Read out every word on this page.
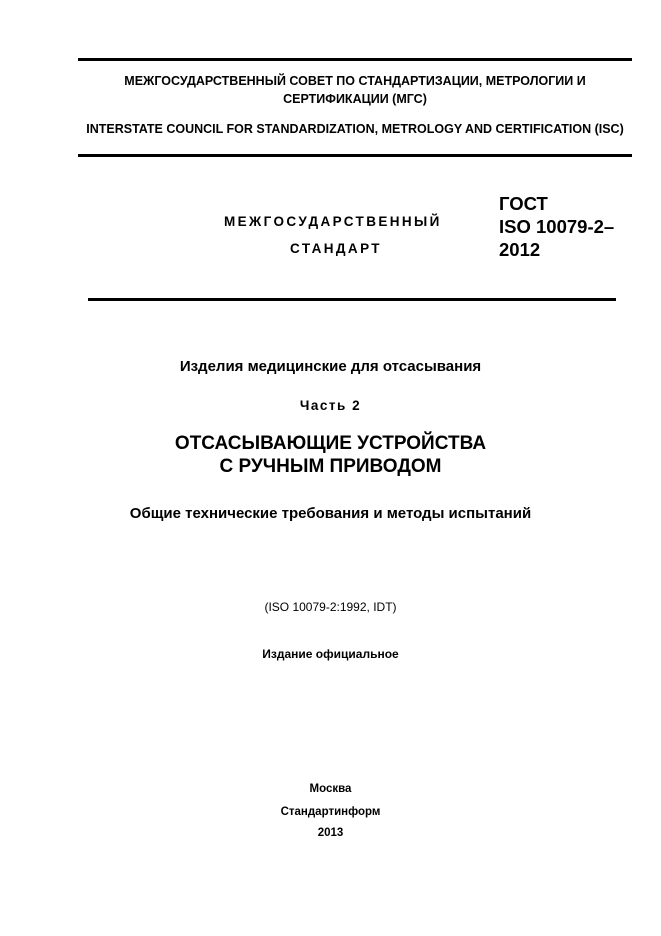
МЕЖГОСУДАРСТВЕННЫЙ СОВЕТ ПО СТАНДАРТИЗАЦИИ, МЕТРОЛОГИИ И СЕРТИФИКАЦИИ (МГС)
INTERSTATE COUNCIL FOR STANDARDIZATION, METROLOGY AND CERTIFICATION (ISC)
МЕЖГОСУДАРСТВЕННЫЙ
СТАНДАРТ
ГОСТ
ISO 10079-2–
2012
Изделия медицинские для отсасывания
Часть 2
ОТСАСЫВАЮЩИЕ УСТРОЙСТВА
С РУЧНЫМ ПРИВОДОМ
Общие технические требования и методы испытаний
(ISO 10079-2:1992, IDT)
Издание официальное
Москва
Стандартинформ
2013
